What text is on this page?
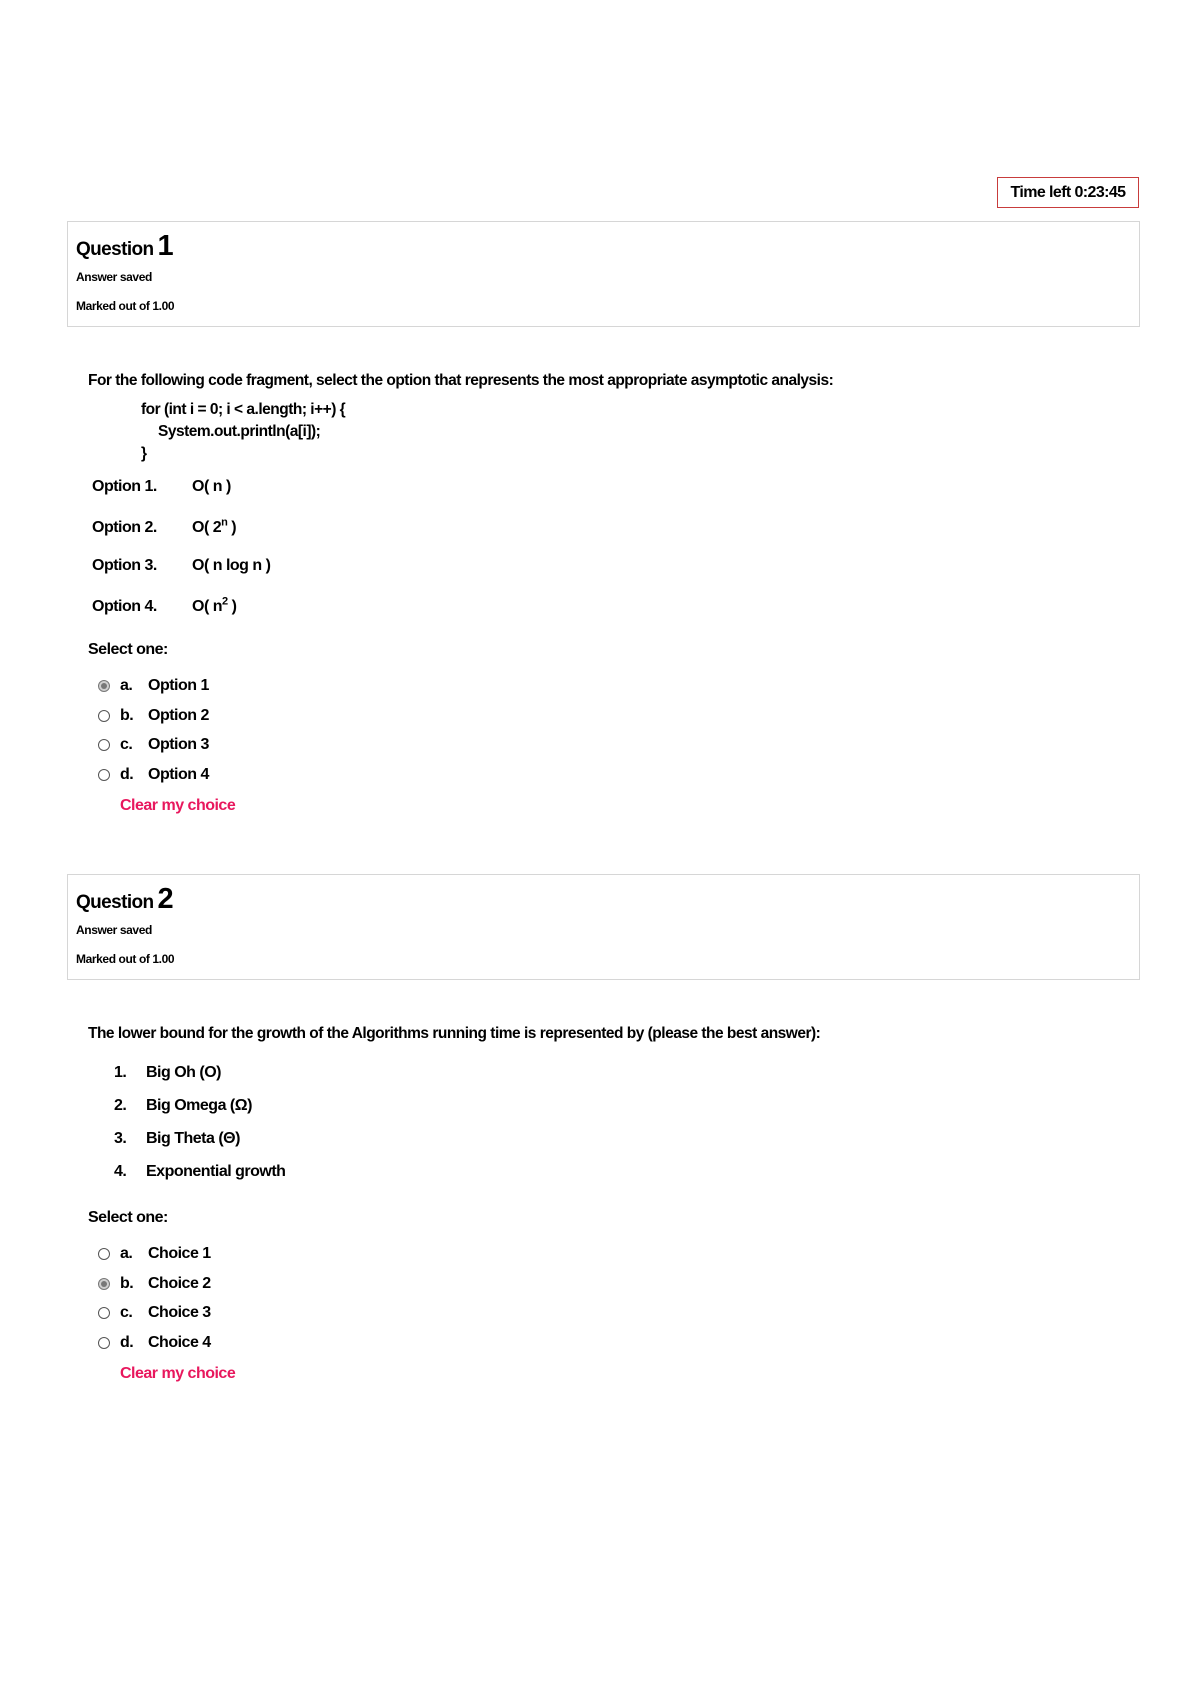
Time left 0:23:45
Question 1
Answer saved
Marked out of 1.00
For the following code fragment, select the option that represents the most appropriate asymptotic analysis:
for (int i = 0; i < a.length; i++) {
System.out.println(a[i]);
}
Option 1. O( n )
Option 2. O( 2$^n$ )
Option 3. O( n log n )
Option 4. O( $n^2$ )
Select one:
a. Option 1
b. Option 2
c. Option 3
d. Option 4
Clear my choice
Question 2
Answer saved
Marked out of 1.00
The lower bound for the growth of the Algorithms running time is represented by (please the best answer):
1. Big Oh (O)
2. Big Omega (Ω)
3. Big Theta (Θ)
4. Exponential growth
Select one:
a. Choice 1
b. Choice 2
c. Choice 3
d. Choice 4
Clear my choice
